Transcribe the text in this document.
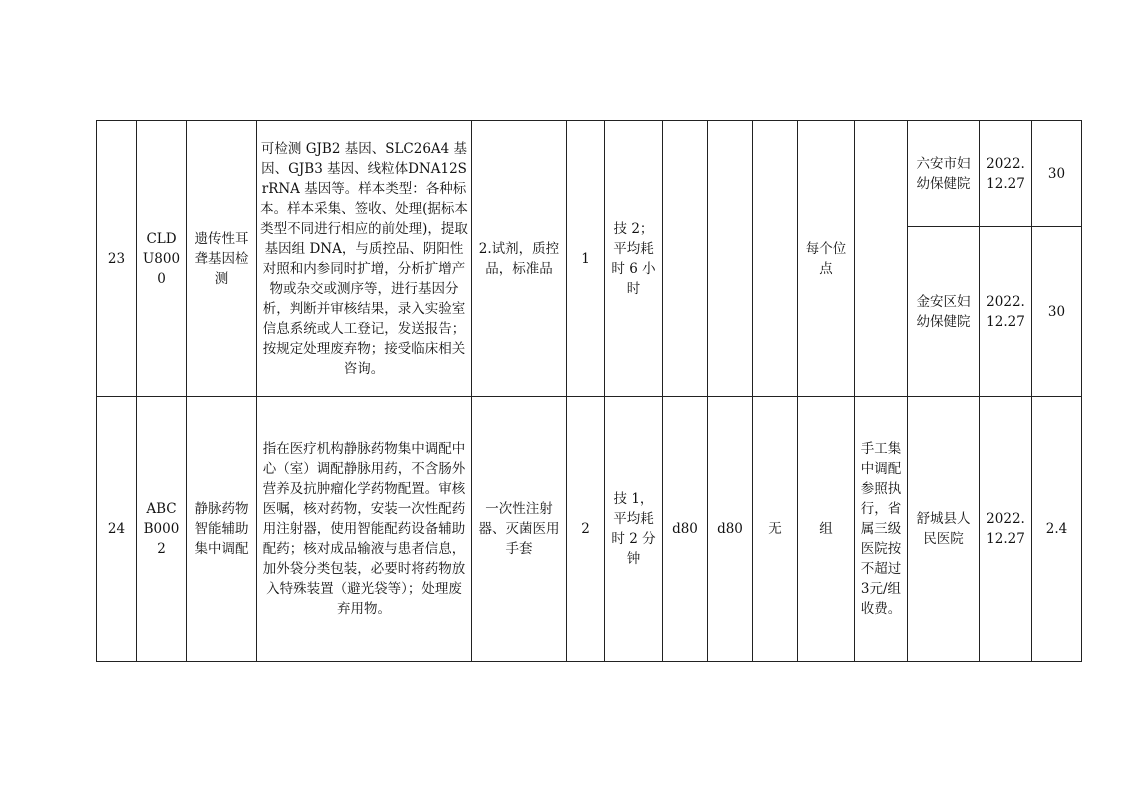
23	CLD U800 0	遗传性耳聋基因检测	可检测 GJB2 基因、SLC26A4 基因、GJB3 基因、线粒体DNA12SrRNA 基因等。样本类型：各种标本。样本采集、签收、处理(据标本类型不同进行相应的前处理)，提取基因组 DNA，与质控品、阴阳性对照和内参同时扩增，分析扩增产物或杂交或测序等，进行基因分析，判断并审核结果，录入实验室信息系统或人工登记，发送报告；按规定处理废弃物；接受临床相关咨询。	2.试剂，质控品，标准品	1	技 2；平均耗时 6 小时				每个位点		六安市妇幼保健院	2022. 12.27	30
												金安区妇幼保健院	2022. 12.27	30
24	ABC B000 2	静脉药物智能辅助集中调配	指在医疗机构静脉药物集中调配中心（室）调配静脉用药，不含肠外营养及抗肿瘤化学药物配置。审核医嘱，核对药物，安装一次性配药用注射器，使用智能配药设备辅助配药；核对成品输液与患者信息，加外袋分类包装，必要时将药物放入特殊装置（避光袋等）；处理废弃用物。	一次性注射器、灭菌医用手套	2	技 1，平均耗时 2 分钟	d80	d80	无	组	手工集中调配参照执行，省属三级医院按不超过3元/组收费。	舒城县人民医院	2022. 12.27	2.4
